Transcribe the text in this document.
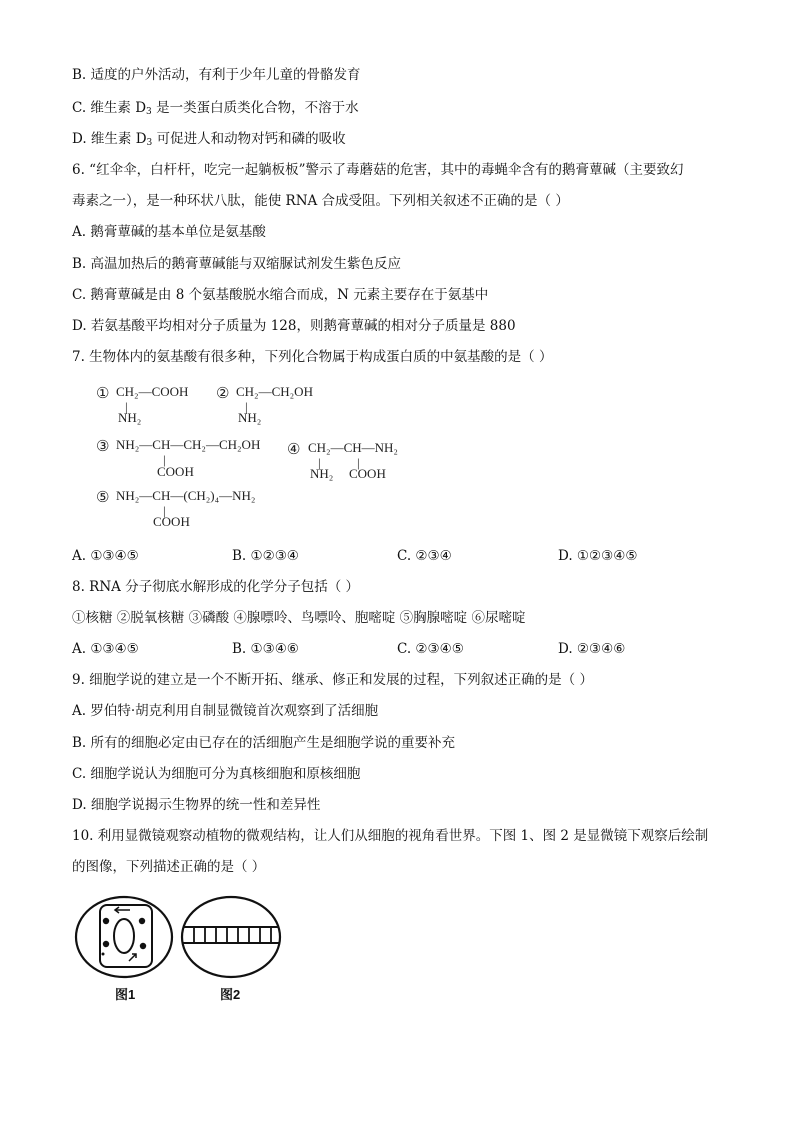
B. 适度的户外活动，有利于少年儿童的骨骼发育
C. 维生素 $D_3$ 是一类蛋白质类化合物，不溶于水
D. 维生素 $D_3$ 可促进人和动物对钙和磷的吸收
6. “红伞伞，白杆杆，吃完一起躺板板”警示了毒蘑菇的危害，其中的毒蝇伞含有的鹅膏蕈碱（主要致幻
毒素之一），是一种环状八肽，能使 RNA 合成受阻。下列相关叙述不正确的是（ ）
A. 鹅膏蕈碱的基本单位是氨基酸
B. 高温加热后的鹅膏蕈碱能与双缩脲试剂发生紫色反应
C. 鹅膏蕈碱是由 8 个氨基酸脱水缩合而成，N 元素主要存在于氨基中
D. 若氨基酸平均相对分子质量为 128，则鹅膏蕈碱的相对分子质量是 880
7. 生物体内的氨基酸有很多种，下列化合物属于构成蛋白质的中氨基酸的是（ ）
① CH₂—COOH
|
NH₂
② CH₂—CH₂OH
|
NH₂
③ NH₂—CH—CH₂—CH₂OH
|
COOH
④ CH₂—CH—NH₂
|
NH₂
|
COOH
⑤ NH₂—CH—(CH₂)₄—NH₂
|
COOH
A. ①③④⑤	B. ①②③④	C. ②③④	D. ①②③④⑤
8. RNA 分子彻底水解形成的化学分子包括（ ）
①核糖 ②脱氧核糖 ③磷酸 ④腺嘌呤、鸟嘌呤、胞嘧啶 ⑤胸腺嘧啶 ⑥尿嘧啶
A. ①③④⑤	B. ①③④⑥	C. ②③④⑤	D. ②③④⑥
9. 细胞学说的建立是一个不断开拓、继承、修正和发展的过程，下列叙述正确的是（ ）
A. 罗伯特·胡克利用自制显微镜首次观察到了活细胞
B. 所有的细胞必定由已存在的活细胞产生是细胞学说的重要补充
C. 细胞学说认为细胞可分为真核细胞和原核细胞
D. 细胞学说揭示生物界的统一性和差异性
10. 利用显微镜观察动植物的微观结构，让人们从细胞的视角看世界。下图 1、图 2 是显微镜下观察后绘制
的图像，下列描述正确的是（ ）
图1	图2
